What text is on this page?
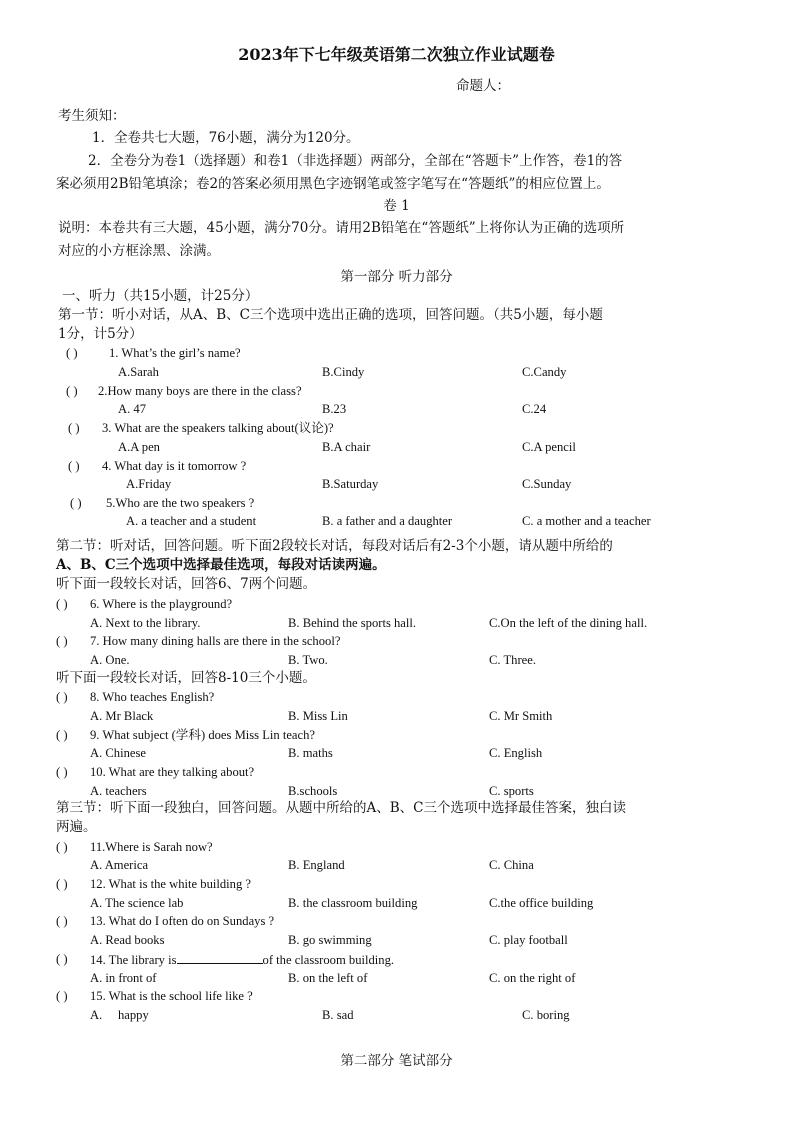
2023年下七年级英语第二次独立作业试题卷
命题人：
考生须知：
1．全卷共七大题，76小题，满分为120分。
2．全卷分为卷1（选择题）和卷1（非选择题）两部分，全部在“答题卡”上作答，卷1的答
案必须用2B铅笔填涂；卷2的答案必须用黑色字迹钢笔或签字笔写在“答题纸”的相应位置上。
卷 1
说明：本卷共有三大题，45小题，满分70分。请用2B铅笔在“答题纸”上将你认为正确的选项所
对应的小方框涂黑、涂满。
第一部分 听力部分
一、听力（共15小题，计25分）
第一节：听小对话，从A、B、C三个选项中选出正确的选项，回答问题。（共5小题，每小题
1分，计5分）
( ) 1. What’s the girl’s name?
A.Sarah	B.Cindy	C.Candy
( ) 2.How many boys are there in the class?
A. 47	B.23	C.24
( ) 3. What are the speakers talking about(议论)?
A.A pen	B.A chair	C.A pencil
( ) 4. What day is it tomorrow ?
A.Friday	B.Saturday	C.Sunday
( ) 5.Who are the two speakers ?
A. a teacher and a student	B. a father and a daughter	C. a mother and a teacher
第二节：听对话，回答问题。听下面2段较长对话，每段对话后有2-3个小题，请从题中所给的
A、B、C三个选项中选择最佳选项，每段对话读两遍。
听下面一段较长对话，回答6、7两个问题。
( ) 6. Where is the playground?
A. Next to the library.	B. Behind the sports hall.	C.On the left of the dining hall.
( ) 7. How many dining halls are there in the school?
A. One.	B. Two.	C. Three.
听下面一段较长对话，回答8-10三个小题。
( ) 8. Who teaches English?
A. Mr Black	B. Miss Lin	C. Mr Smith
( ) 9. What subject (学科) does Miss Lin teach?
A. Chinese	B. maths	C. English
( ) 10. What are they talking about?
A. teachers	B.schools	C. sports
第三节：听下面一段独白，回答问题。从题中所给的A、B、C三个选项中选择最佳答案，独白读
两遍。
( ) 11.Where is Sarah now?
A. America	B. England	C. China
( ) 12. What is the white building ?
A. The science lab	B. the classroom building	C.the office building
( ) 13. What do I often do on Sundays ?
A. Read books	B. go swimming	C. play football
( ) 14. The library is	of the classroom building.
A. in front of	B. on the left of	C. on the right of
( ) 15. What is the school life like ?
A.     happy	B. sad	C. boring
第二部分 笔试部分
